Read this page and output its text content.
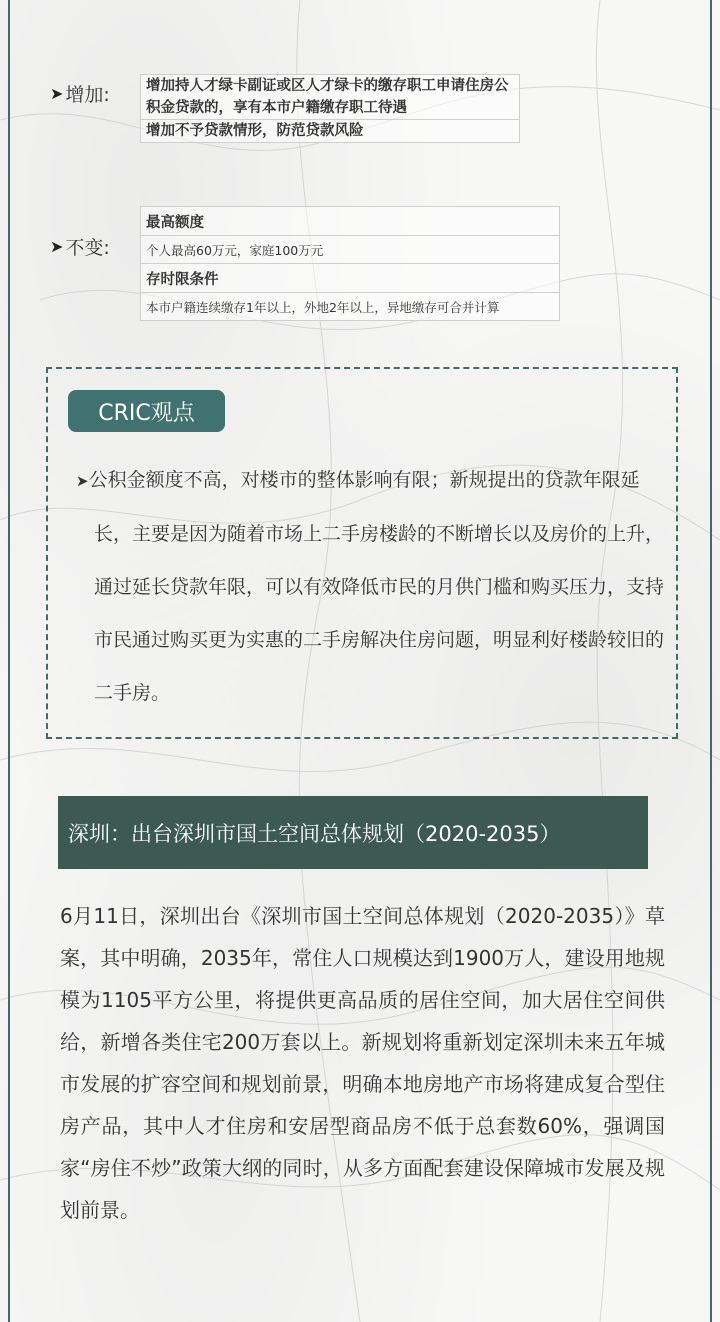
➤ 增加: 增加持人才绿卡副证或区人才绿卡的缴存职工申请住房公积金贷款的，享有本市户籍缴存职工待遇
增加不予贷款情形，防范贷款风险
➤ 不变:
最高额度
个人最高60万元，家庭100万元
存时限条件
本市户籍连续缴存1年以上，外地2年以上，异地缴存可合并计算
CRIC观点
➤公积金额度不高，对楼市的整体影响有限；新规提出的贷款年限延长，主要是因为随着市场上二手房楼龄的不断增长以及房价的上升，通过延长贷款年限，可以有效降低市民的月供门槛和购买压力，支持市民通过购买更为实惠的二手房解决住房问题，明显利好楼龄较旧的二手房。
深圳：出台深圳市国土空间总体规划（2020-2035）
6月11日，深圳出台《深圳市国土空间总体规划（2020-2035）》草案，其中明确，2035年，常住人口规模达到1900万人，建设用地规模为1105平方公里，将提供更高品质的居住空间，加大居住空间供给，新增各类住宅200万套以上。新规划将重新划定深圳未来五年城市发展的扩容空间和规划前景，明确本地房地产市场将建成复合型住房产品，其中人才住房和安居型商品房不低于总套数60%，强调国家“房住不炒”政策大纲的同时，从多方面配套建设保障城市发展及规划前景。
